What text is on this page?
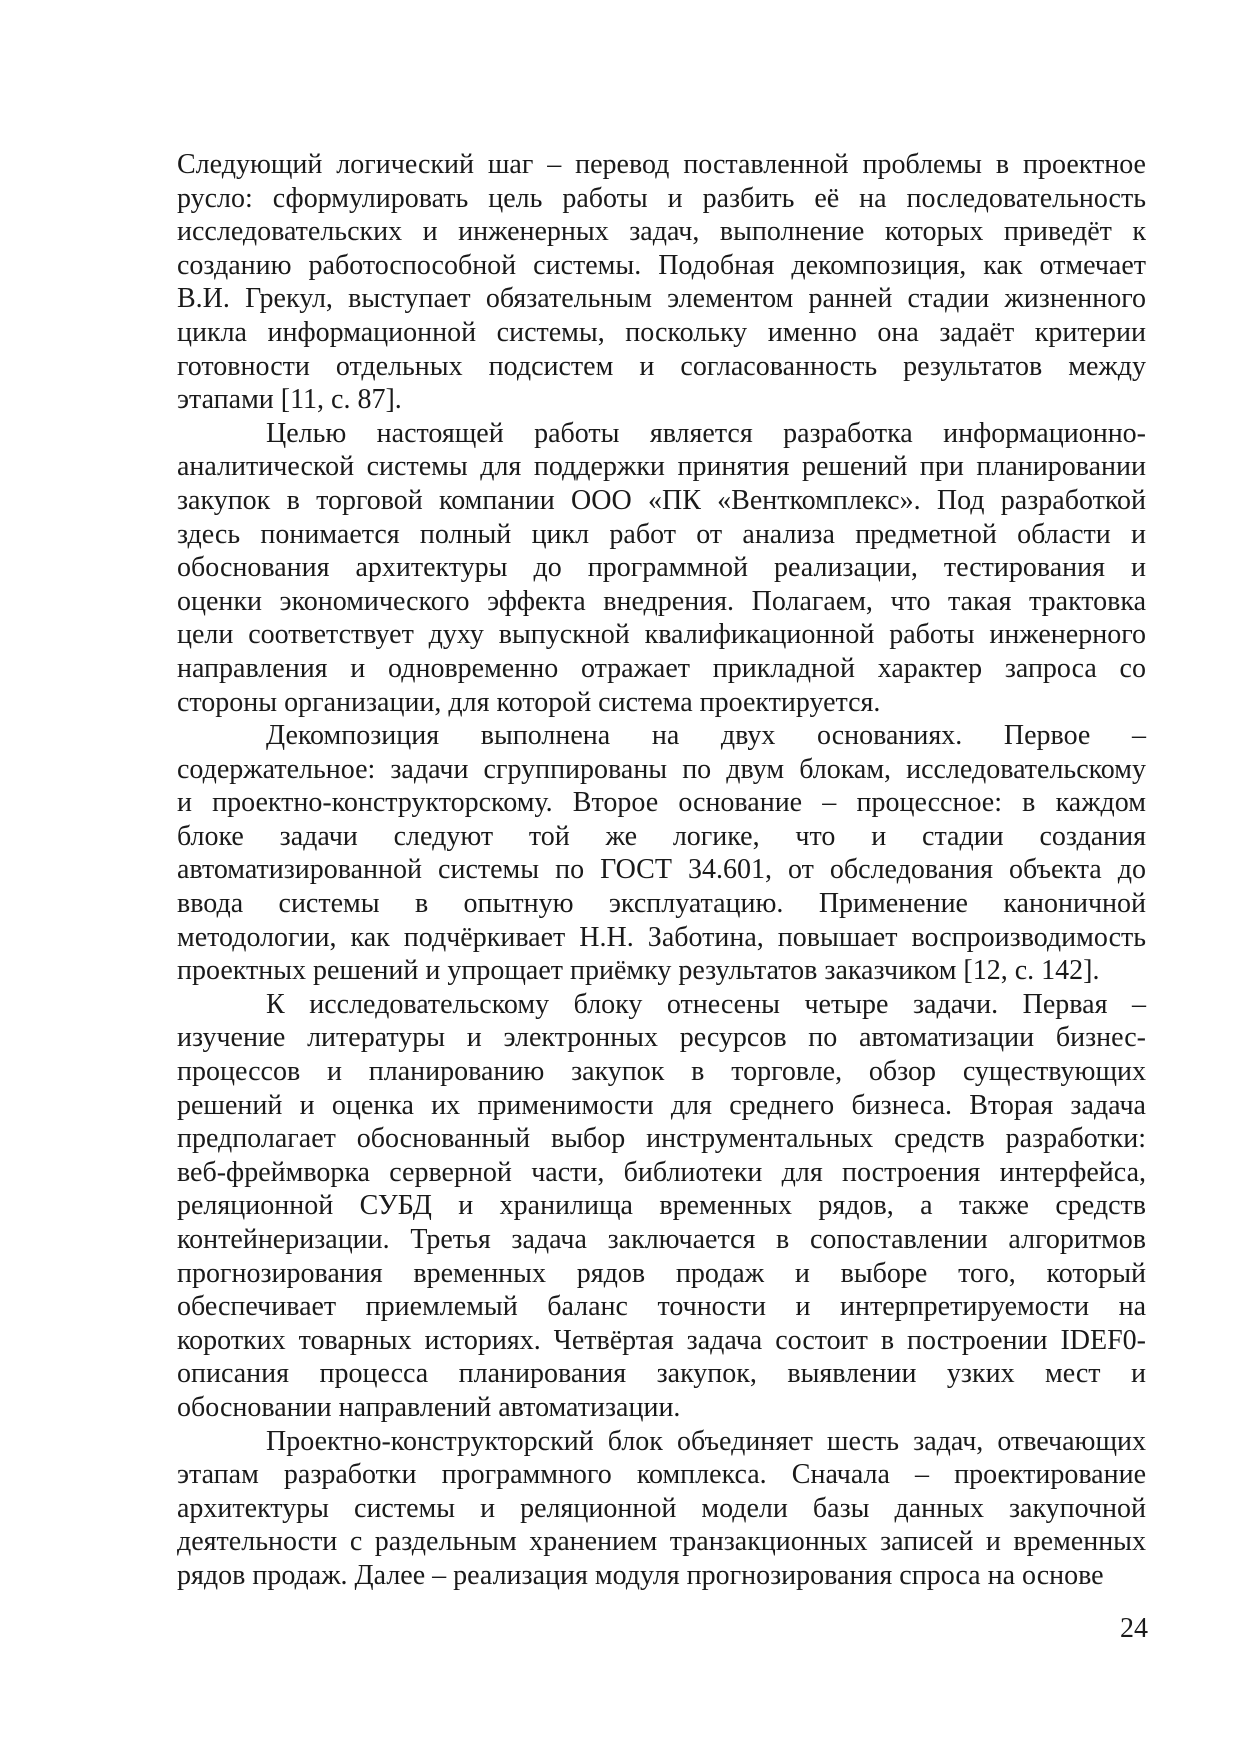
Следующий логический шаг – перевод поставленной проблемы в проектное
русло: сформулировать цель работы и разбить её на последовательность
исследовательских и инженерных задач, выполнение которых приведёт к
созданию работоспособной системы. Подобная декомпозиция, как отмечает
В.И. Грекул, выступает обязательным элементом ранней стадии жизненного
цикла информационной системы, поскольку именно она задаёт критерии
готовности отдельных подсистем и согласованность результатов между
этапами [11, с. 87].
Целью настоящей работы является разработка информационно-
аналитической системы для поддержки принятия решений при планировании
закупок в торговой компании ООО «ПК «Венткомплекс». Под разработкой
здесь понимается полный цикл работ от анализа предметной области и
обоснования архитектуры до программной реализации, тестирования и
оценки экономического эффекта внедрения. Полагаем, что такая трактовка
цели соответствует духу выпускной квалификационной работы инженерного
направления и одновременно отражает прикладной характер запроса со
стороны организации, для которой система проектируется.
Декомпозиция выполнена на двух основаниях. Первое –
содержательное: задачи сгруппированы по двум блокам, исследовательскому
и проектно-конструкторскому. Второе основание – процессное: в каждом
блоке задачи следуют той же логике, что и стадии создания
автоматизированной системы по ГОСТ 34.601, от обследования объекта до
ввода системы в опытную эксплуатацию. Применение каноничной
методологии, как подчёркивает Н.Н. Заботина, повышает воспроизводимость
проектных решений и упрощает приёмку результатов заказчиком [12, с. 142].
К исследовательскому блоку отнесены четыре задачи. Первая –
изучение литературы и электронных ресурсов по автоматизации бизнес-
процессов и планированию закупок в торговле, обзор существующих
решений и оценка их применимости для среднего бизнеса. Вторая задача
предполагает обоснованный выбор инструментальных средств разработки:
веб-фреймворка серверной части, библиотеки для построения интерфейса,
реляционной СУБД и хранилища временных рядов, а также средств
контейнеризации. Третья задача заключается в сопоставлении алгоритмов
прогнозирования временных рядов продаж и выборе того, который
обеспечивает приемлемый баланс точности и интерпретируемости на
коротких товарных историях. Четвёртая задача состоит в построении IDEF0-
описания процесса планирования закупок, выявлении узких мест и
обосновании направлений автоматизации.
Проектно-конструкторский блок объединяет шесть задач, отвечающих
этапам разработки программного комплекса. Сначала – проектирование
архитектуры системы и реляционной модели базы данных закупочной
деятельности с раздельным хранением транзакционных записей и временных
рядов продаж. Далее – реализация модуля прогнозирования спроса на основе
24
